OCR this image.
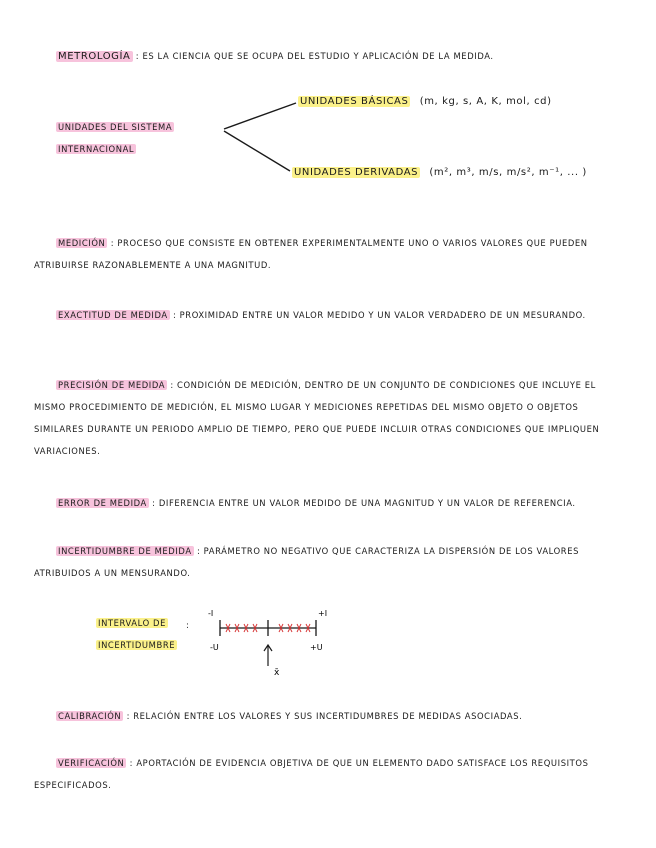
METROLOGÍA : ES LA CIENCIA QUE SE OCUPA DEL ESTUDIO Y APLICACIÓN DE LA MEDIDA.
UNIDADES DEL SISTEMA
INTERNACIONAL
UNIDADES BÁSICAS (m, kg, s, A, K, mol, cd)
UNIDADES DERIVADAS (m², m³, m/s, m/s², m⁻¹, ... )
MEDICIÓN : PROCESO QUE CONSISTE EN OBTENER EXPERIMENTALMENTE UNO O VARIOS VALORES QUE PUEDEN ATRIBUIRSE RAZONABLEMENTE A UNA MAGNITUD.
EXACTITUD DE MEDIDA : PROXIMIDAD ENTRE UN VALOR MEDIDO Y UN VALOR VERDADERO DE UN MESURANDO.
PRECISIÓN DE MEDIDA : CONDICIÓN DE MEDICIÓN, DENTRO DE UN CONJUNTO DE CONDICIONES QUE INCLUYE EL MISMO PROCEDIMIENTO DE MEDICIÓN, EL MISMO LUGAR Y MEDICIONES REPETIDAS DEL MISMO OBJETO O OBJETOS SIMILARES DURANTE UN PERIODO AMPLIO DE TIEMPO, PERO QUE PUEDE INCLUIR OTRAS CONDICIONES QUE IMPLIQUEN VARIACIONES.
ERROR DE MEDIDA : DIFERENCIA ENTRE UN VALOR MEDIDO DE UNA MAGNITUD Y UN VALOR DE REFERENCIA.
INCERTIDUMBRE DE MEDIDA : PARÁMETRO NO NEGATIVO QUE CARACTERIZA LA DISPERSIÓN DE LOS VALORES ATRIBUIDOS A UN MENSURANDO.
INTERVALO DE
INCERTIDUMBRE
:
-I	+I
-U	+U
x̄
CALIBRACIÓN : RELACIÓN ENTRE LOS VALORES Y SUS INCERTIDUMBRES DE MEDIDAS ASOCIADAS.
VERIFICACIÓN : APORTACIÓN DE EVIDENCIA OBJETIVA DE QUE UN ELEMENTO DADO SATISFACE LOS REQUISITOS ESPECIFICADOS.
